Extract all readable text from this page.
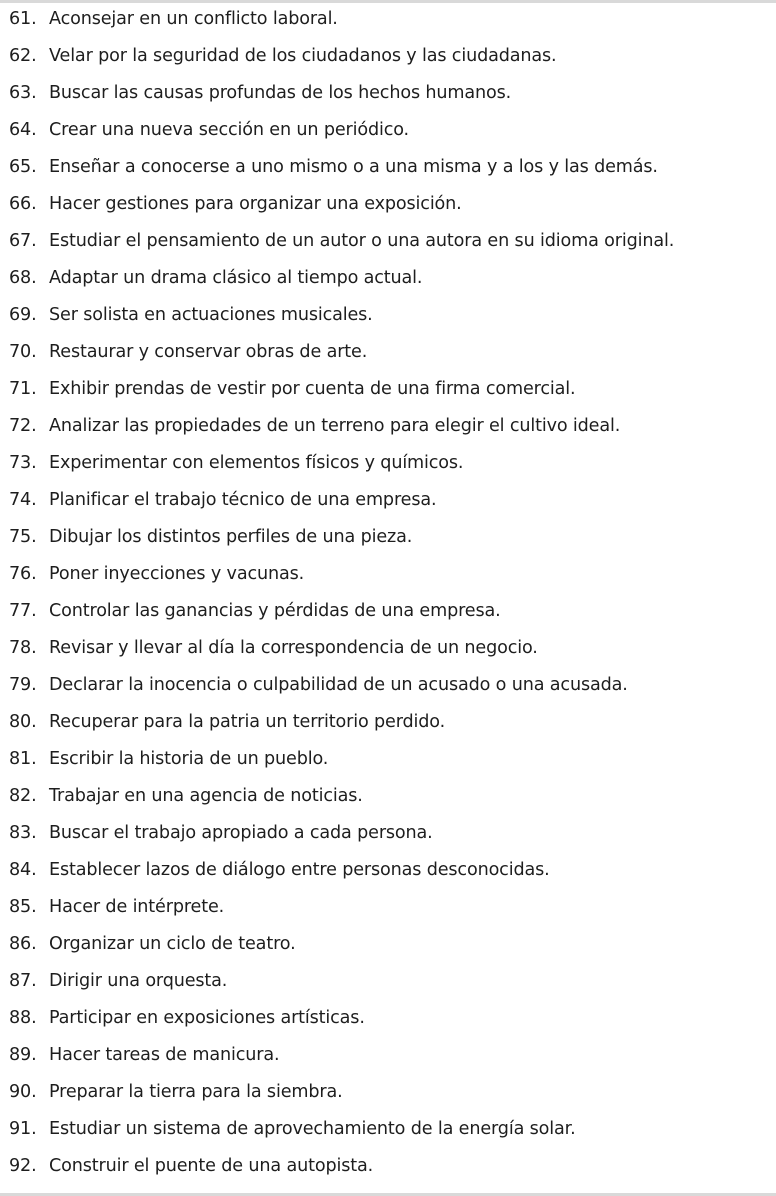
61. Aconsejar en un conflicto laboral.
62. Velar por la seguridad de los ciudadanos y las ciudadanas.
63. Buscar las causas profundas de los hechos humanos.
64. Crear una nueva sección en un periódico.
65. Enseñar a conocerse a uno mismo o a una misma y a los y las demás.
66. Hacer gestiones para organizar una exposición.
67. Estudiar el pensamiento de un autor o una autora en su idioma original.
68. Adaptar un drama clásico al tiempo actual.
69. Ser solista en actuaciones musicales.
70. Restaurar y conservar obras de arte.
71. Exhibir prendas de vestir por cuenta de una firma comercial.
72. Analizar las propiedades de un terreno para elegir el cultivo ideal.
73. Experimentar con elementos físicos y químicos.
74. Planificar el trabajo técnico de una empresa.
75. Dibujar los distintos perfiles de una pieza.
76. Poner inyecciones y vacunas.
77. Controlar las ganancias y pérdidas de una empresa.
78. Revisar y llevar al día la correspondencia de un negocio.
79. Declarar la inocencia o culpabilidad de un acusado o una acusada.
80. Recuperar para la patria un territorio perdido.
81. Escribir la historia de un pueblo.
82. Trabajar en una agencia de noticias.
83. Buscar el trabajo apropiado a cada persona.
84. Establecer lazos de diálogo entre personas desconocidas.
85. Hacer de intérprete.
86. Organizar un ciclo de teatro.
87. Dirigir una orquesta.
88. Participar en exposiciones artísticas.
89. Hacer tareas de manicura.
90. Preparar la tierra para la siembra.
91. Estudiar un sistema de aprovechamiento de la energía solar.
92. Construir el puente de una autopista.
